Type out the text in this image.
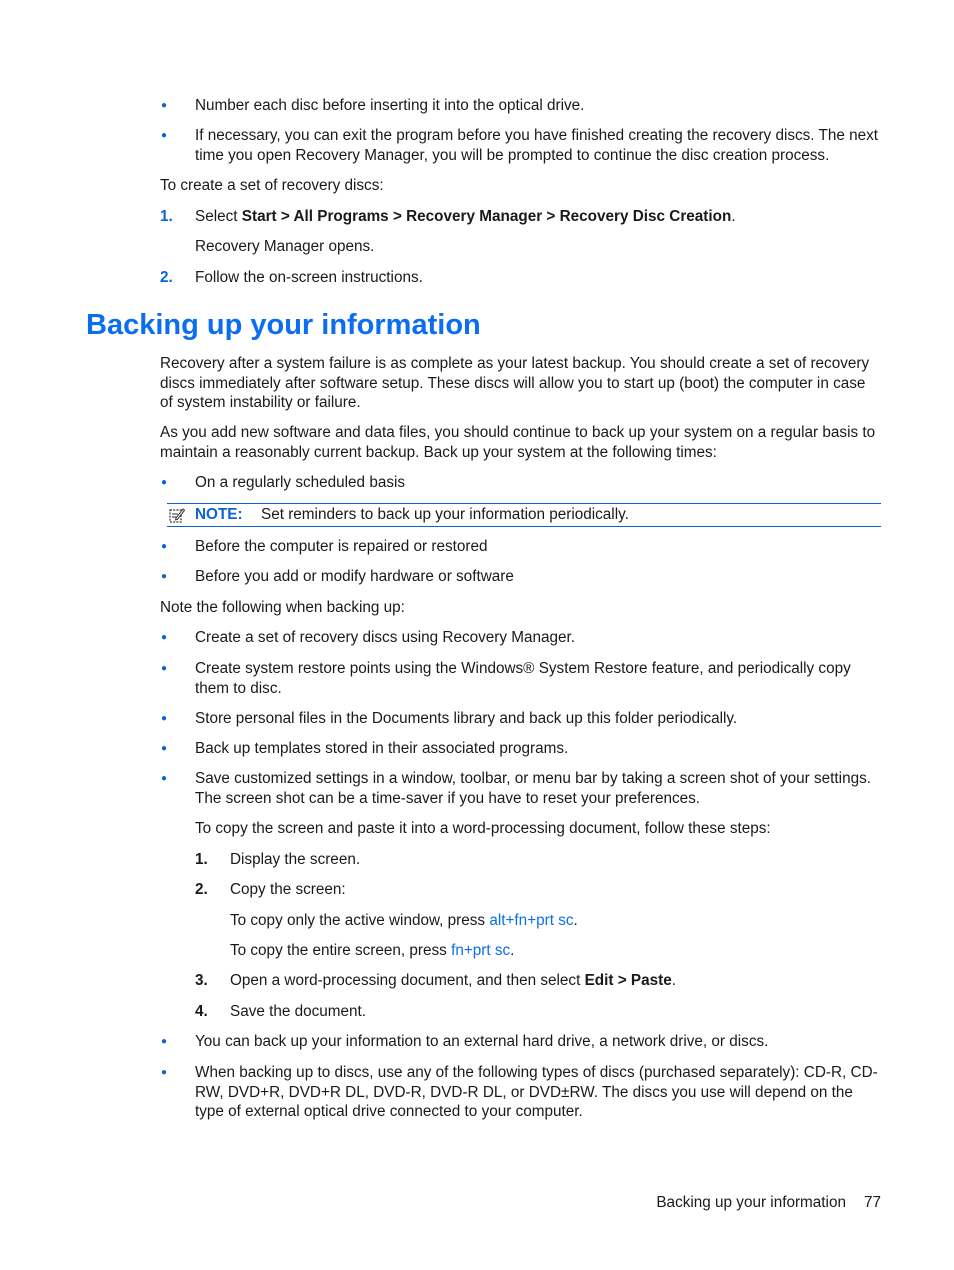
● Number each disc before inserting it into the optical drive.

● If necessary, you can exit the program before you have finished creating the recovery discs. The next time you open Recovery Manager, you will be prompted to continue the disc creation process.

To create a set of recovery discs:

1. Select Start > All Programs > Recovery Manager > Recovery Disc Creation.

Recovery Manager opens.

2. Follow the on-screen instructions.

Backing up your information

Recovery after a system failure is as complete as your latest backup. You should create a set of recovery discs immediately after software setup. These discs will allow you to start up (boot) the computer in case of system instability or failure.

As you add new software and data files, you should continue to back up your system on a regular basis to maintain a reasonably current backup. Back up your system at the following times:

● On a regularly scheduled basis

NOTE: Set reminders to back up your information periodically.
● Before the computer is repaired or restored

● Before you add or modify hardware or software

Note the following when backing up:

● Create a set of recovery discs using Recovery Manager.

● Create system restore points using the Windows® System Restore feature, and periodically copy them to disc.

● Store personal files in the Documents library and back up this folder periodically.

● Back up templates stored in their associated programs.

● Save customized settings in a window, toolbar, or menu bar by taking a screen shot of your settings. The screen shot can be a time-saver if you have to reset your preferences.

To copy the screen and paste it into a word-processing document, follow these steps:

1. Display the screen.

2. Copy the screen:

To copy only the active window, press alt+fn+prt sc.

To copy the entire screen, press fn+prt sc.

3. Open a word-processing document, and then select Edit > Paste.

4. Save the document.

● You can back up your information to an external hard drive, a network drive, or discs.

● When backing up to discs, use any of the following types of discs (purchased separately): CD-R, CD-RW, DVD+R, DVD+R DL, DVD-R, DVD-R DL, or DVD±RW. The discs you use will depend on the type of external optical drive connected to your computer.

Backing up your information 77
